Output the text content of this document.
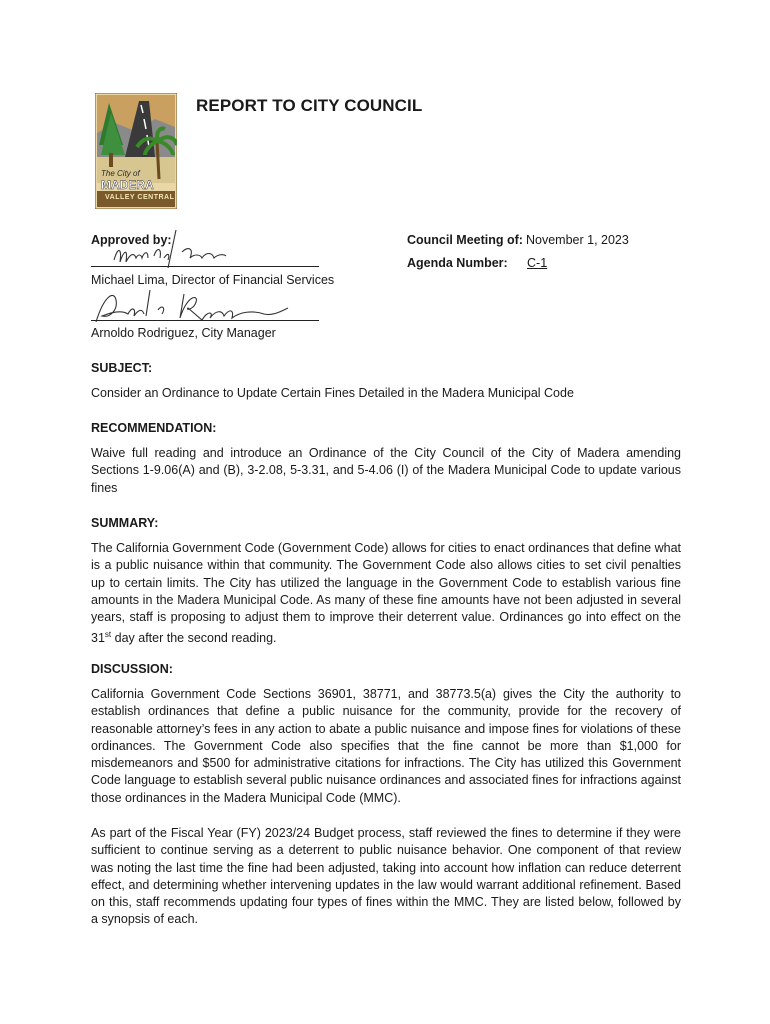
The City of
MADERA
VALLEY CENTRAL
REPORT TO CITY COUNCIL
Approved by:
Michael Lima, Director of Financial Services
Arnoldo Rodriguez, City Manager
Council Meeting of: November 1, 2023
Agenda Number: C-1
SUBJECT:
Consider an Ordinance to Update Certain Fines Detailed in the Madera Municipal Code
RECOMMENDATION:
Waive full reading and introduce an Ordinance of the City Council of the City of Madera amending Sections 1-9.06(A) and (B), 3-2.08, 5-3.31, and 5-4.06 (I) of the Madera Municipal Code to update various fines
SUMMARY:
The California Government Code (Government Code) allows for cities to enact ordinances that define what is a public nuisance within that community. The Government Code also allows cities to set civil penalties up to certain limits. The City has utilized the language in the Government Code to establish various fine amounts in the Madera Municipal Code. As many of these fine amounts have not been adjusted in several years, staff is proposing to adjust them to improve their deterrent value. Ordinances go into effect on the 31st day after the second reading.
DISCUSSION:
California Government Code Sections 36901, 38771, and 38773.5(a) gives the City the authority to establish ordinances that define a public nuisance for the community, provide for the recovery of reasonable attorney’s fees in any action to abate a public nuisance and impose fines for violations of these ordinances. The Government Code also specifies that the fine cannot be more than $1,000 for misdemeanors and $500 for administrative citations for infractions. The City has utilized this Government Code language to establish several public nuisance ordinances and associated fines for infractions against those ordinances in the Madera Municipal Code (MMC).
As part of the Fiscal Year (FY) 2023/24 Budget process, staff reviewed the fines to determine if they were sufficient to continue serving as a deterrent to public nuisance behavior. One component of that review was noting the last time the fine had been adjusted, taking into account how inflation can reduce deterrent effect, and determining whether intervening updates in the law would warrant additional refinement. Based on this, staff recommends updating four types of fines within the MMC. They are listed below, followed by a synopsis of each.
